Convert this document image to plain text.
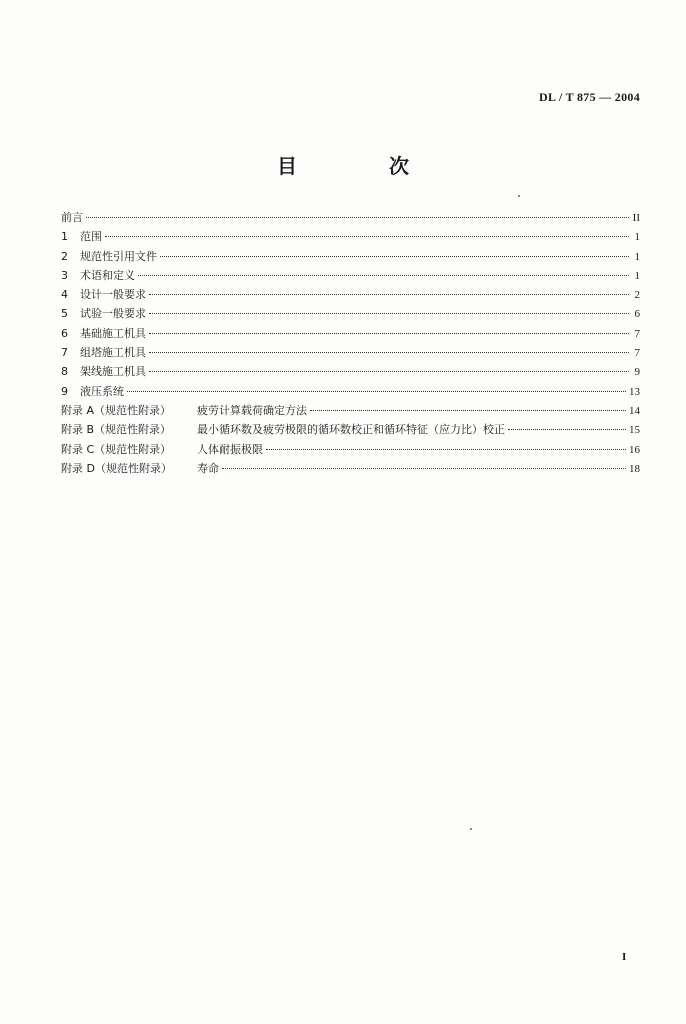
DL / T 875 — 2004
目　次
前言	II
1	范围	1
2	规范性引用文件	1
3	术语和定义	1
4	设计一般要求	2
5	试验一般要求	6
6	基础施工机具	7
7	组塔施工机具	7
8	架线施工机具	9
9	液压系统	13
附录 A（规范性附录）	疲劳计算载荷确定方法	14
附录 B（规范性附录）	最小循环数及疲劳极限的循环数校正和循环特征（应力比）校正	15
附录 C（规范性附录）	人体耐振极限	16
附录 D（规范性附录）	寿命	18
I
